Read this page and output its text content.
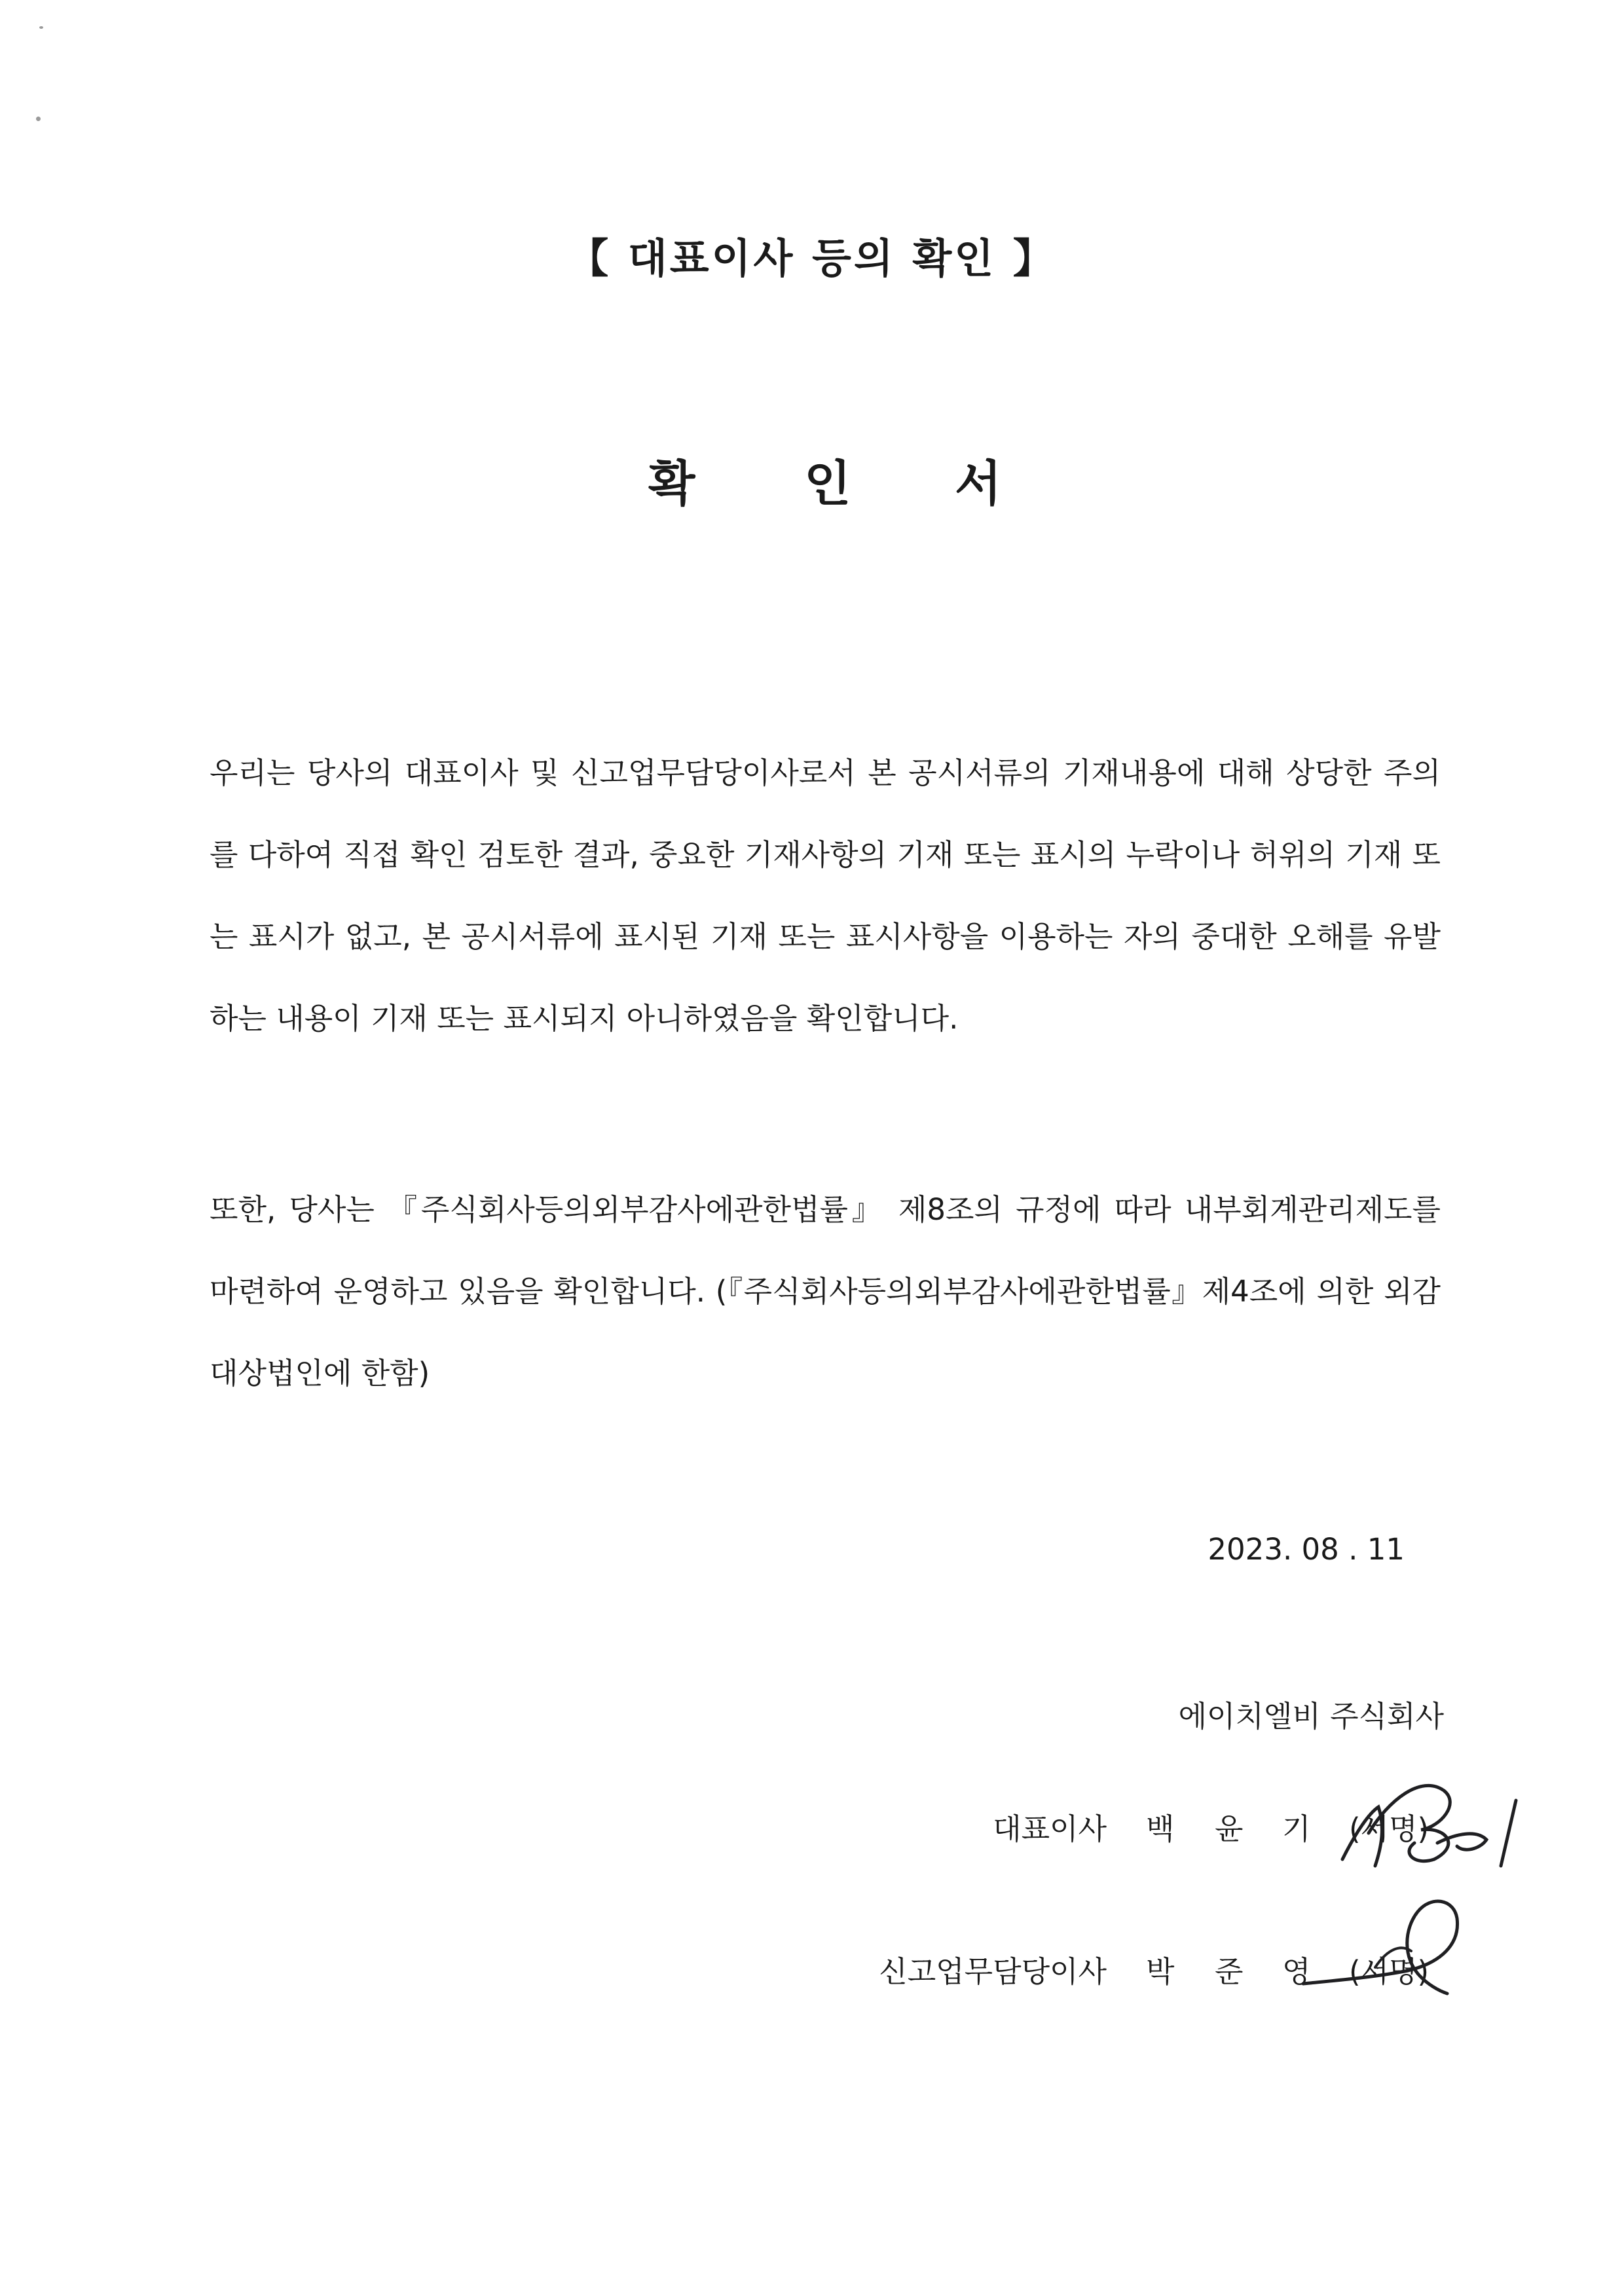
【 대표이사 등의 확인 】
확 인 서
우리는 당사의 대표이사 및 신고업무담당이사로서 본 공시서류의 기재내용에 대해 상당한 주의를 다하여 직접 확인 검토한 결과, 중요한 기재사항의 기재 또는 표시의 누락이나 허위의 기재 또는 표시가 없고, 본 공시서류에 표시된 기재 또는 표시사항을 이용하는 자의 중대한 오해를 유발하는 내용이 기재 또는 표시되지 아니하였음을 확인합니다.
또한, 당사는 『주식회사등의외부감사에관한법률』 제8조의 규정에 따라 내부회계관리제도를 마련하여 운영하고 있음을 확인합니다. (『주식회사등의외부감사에관한법률』제4조에 의한 외감대상법인에 한함)
2023. 08 . 11
에이치엘비 주식회사
대표이사 백 윤 기 (서명)
신고업무담당이사 박 준 영 (서명)
